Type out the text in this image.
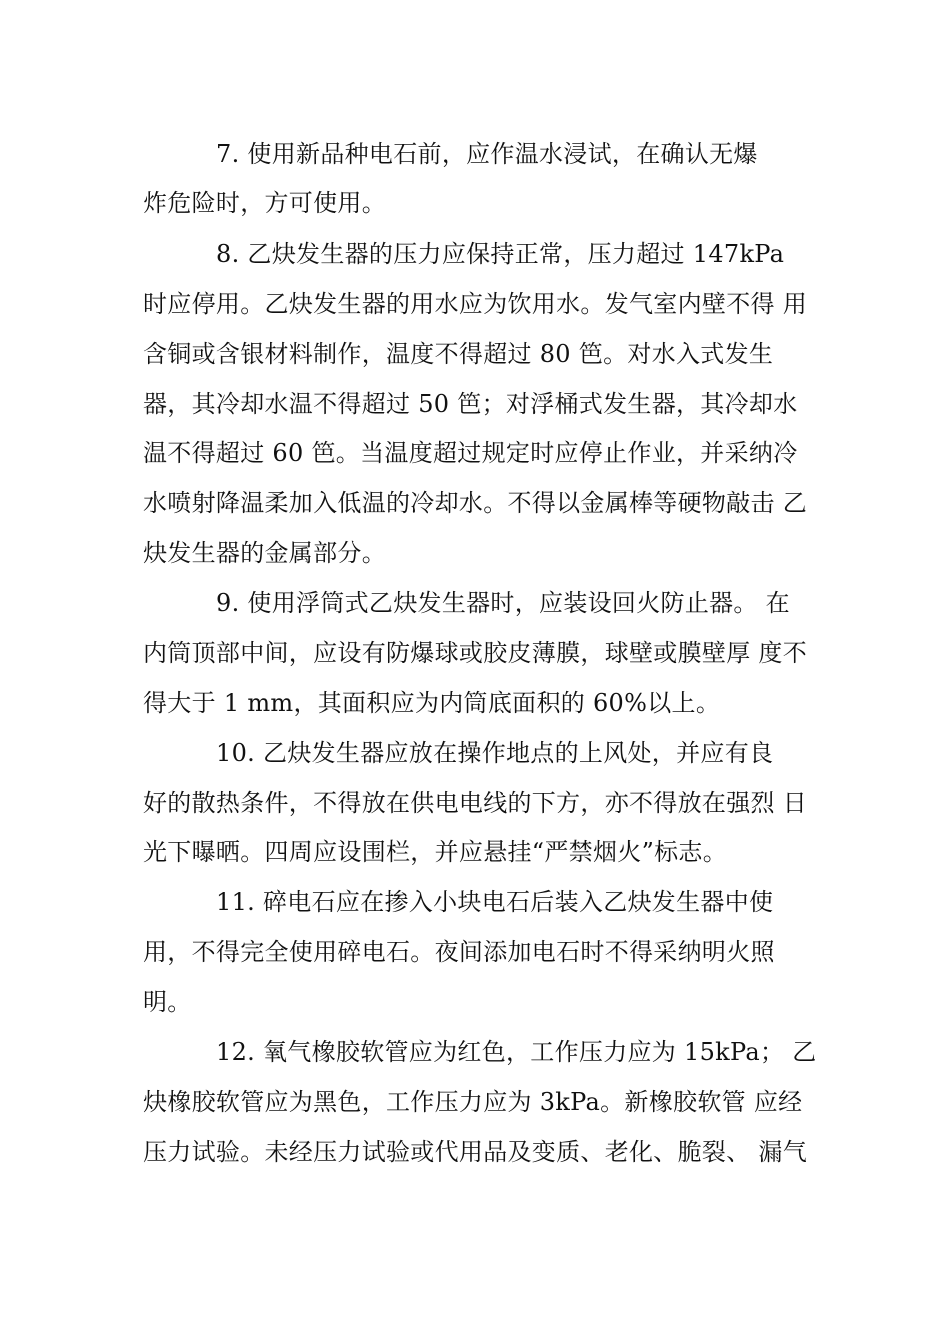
7. 使用新品种电石前，应作温水浸试，在确认无爆
炸危险时，方可使用。
8. 乙炔发生器的压力应保持正常，压力超过 147kPa
时应停用。乙炔发生器的用水应为饮用水。发气室内壁不得 用
含铜或含银材料制作，温度不得超过 80 笆。对水入式发生
器，其冷却水温不得超过 50 笆；对浮桶式发生器，其冷却水
温不得超过 60 笆。当温度超过规定时应停止作业，并采纳冷
水喷射降温柔加入低温的冷却水。不得以金属棒等硬物敲击 乙
炔发生器的金属部分。
9. 使用浮筒式乙炔发生器时，应装设回火防止器。 在
内筒顶部中间，应设有防爆球或胶皮薄膜，球壁或膜壁厚 度不
得大于 1 mm，其面积应为内筒底面积的 60%以上。
10. 乙炔发生器应放在操作地点的上风处，并应有良
好的散热条件，不得放在供电电线的下方，亦不得放在强烈 日
光下曝晒。四周应设围栏，并应悬挂“严禁烟火”标志。
11. 碎电石应在掺入小块电石后装入乙炔发生器中使
用，不得完全使用碎电石。夜间添加电石时不得采纳明火照
明。
12. 氧气橡胶软管应为红色，工作压力应为 15kPa； 乙
炔橡胶软管应为黑色，工作压力应为 3kPa。新橡胶软管 应经
压力试验。未经压力试验或代用品及变质、老化、脆裂、 漏气
